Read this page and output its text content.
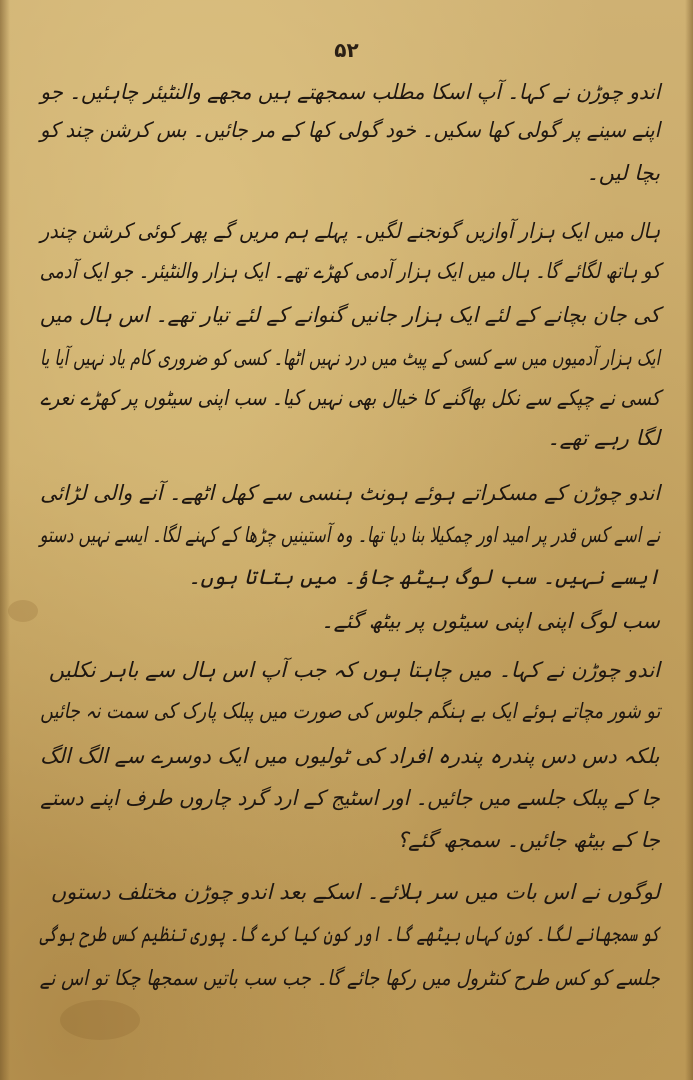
۵۲
اندو چوڑن نے کہا۔ آپ اسکا مطلب سمجھتے ہیں مجھے والنٹیئر چاہئیں۔ جو
اپنے سینے پر گولی کھا سکیں۔ خود گولی کھا کے مر جائیں۔ بس کرشن چند کو
بچا لیں۔
ہال میں ایک ہزار آوازیں گونجنے لگیں۔ پہلے ہم مریں گے پھر کوئی کرشن چندر
کو ہاتھ لگائے گا۔ ہال میں ایک ہزار آدمی کھڑے تھے۔ ایک ہزار والنٹیئر۔ جو ایک آدمی
کی جان بچانے کے لئے ایک ہزار جانیں گنوانے کے لئے تیار تھے۔ اس ہال میں
ایک ہزار آدمیوں میں سے کسی کے پیٹ میں درد نہیں اٹھا۔ کسی کو ضروری کام یاد نہیں آیا یا
کسی نے چپکے سے نکل بھاگنے کا خیال بھی نہیں کیا۔ سب اپنی سیٹوں پر کھڑے نعرے
لگا رہے تھے۔
اندو چوڑن کے مسکراتے ہوئے ہونٹ ہنسی سے کھل اٹھے۔ آنے والی لڑائی
نے اسے کس قدر پر امید اور چمکیلا بنا دیا تھا۔ وہ آستینیں چڑھا کے کہنے لگا۔ ایسے نہیں دستو
ایسے نہیں۔ سب لوگ بیٹھ جاؤ۔ میں بتاتا ہوں۔
سب لوگ اپنی اپنی سیٹوں پر بیٹھ گئے۔
اندو چوڑن نے کہا۔ میں چاہتا ہوں کہ جب آپ اس ہال سے باہر نکلیں
تو شور مچاتے ہوئے ایک بے ہنگم جلوس کی صورت میں پبلک پارک کی سمت نہ جائیں
بلکہ دس دس پندرہ پندرہ افراد کی ٹولیوں میں ایک دوسرے سے الگ الگ
جا کے پبلک جلسے میں جائیں۔ اور اسٹیج کے ارد گرد چاروں طرف اپنے دستے
جا کے بیٹھ جائیں۔ سمجھ گئے؟
لوگوں نے اس بات میں سر ہلائے۔ اسکے بعد اندو چوڑن مختلف دستوں
کو سمجھانے لگا۔ کون کہاں بیٹھے گا۔ اور کون کیا کرے گا۔ پوری تنظیم کس طرح ہوگی
جلسے کو کس طرح کنٹرول میں رکھا جائے گا۔ جب سب باتیں سمجھا چکا تو اس نے
